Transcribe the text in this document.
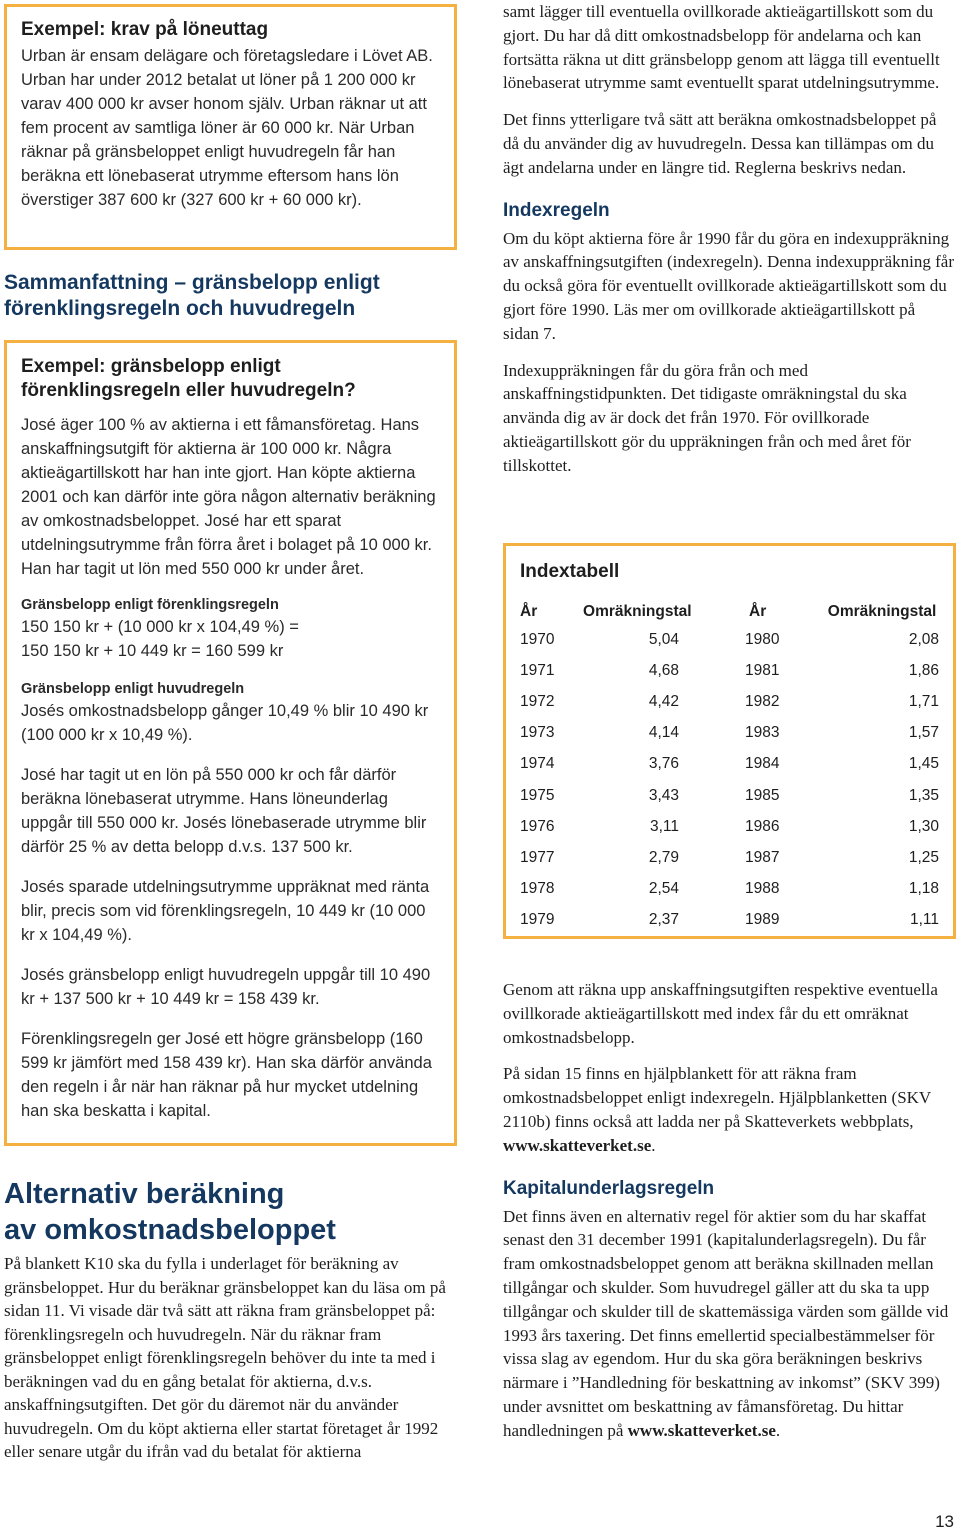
Exempel: krav på löneuttag

Urban är ensam delägare och företagsledare i Lövet AB. Urban har under 2012 betalat ut löner på 1 200 000 kr varav 400 000 kr avser honom själv. Urban räknar ut att fem procent av samtliga löner är 60 000 kr. När Urban räknar på gränsbeloppet enligt huvudregeln får han beräkna ett lönebaserat utrymme eftersom hans lön överstiger 387 600 kr (327 600 kr + 60 000 kr).

Sammanfattning – gränsbelopp enligt förenklingsregeln och huvudregeln
Exempel: gränsbelopp enligt förenklingsregeln eller huvudregeln?

José äger 100 % av aktierna i ett fåmansföretag. Hans anskaffningsutgift för aktierna är 100 000 kr. Några aktieägartillskott har han inte gjort. Han köpte aktierna 2001 och kan därför inte göra någon alternativ beräkning av omkostnadsbeloppet. José har ett sparat utdelningsutrymme från förra året i bolaget på 10 000 kr. Han har tagit ut lön med 550 000 kr under året.

Gränsbelopp enligt förenklingsregeln

150 150 kr + (10 000 kr x 104,49 %) =

150 150 kr + 10 449 kr = 160 599 kr

Gränsbelopp enligt huvudregeln

Josés omkostnadsbelopp gånger 10,49 % blir 10 490 kr (100 000 kr x 10,49 %).

José har tagit ut en lön på 550 000 kr och får därför beräkna lönebaserat utrymme. Hans löneunderlag uppgår till 550 000 kr. Josés lönebaserade utrymme blir därför 25 % av detta belopp d.v.s. 137 500 kr.

Josés sparade utdelningsutrymme uppräknat med ränta blir, precis som vid förenklingsregeln, 10 449 kr (10 000 kr x 104,49 %).

Josés gränsbelopp enligt huvudregeln uppgår till 10 490 kr + 137 500 kr + 10 449 kr = 158 439 kr.

Förenklingsregeln ger José ett högre gränsbelopp (160 599 kr jämfört med 158 439 kr). Han ska därför använda den regeln i år när han räknar på hur mycket utdelning han ska beskatta i kapital.

Alternativ beräkning
av omkostnadsbeloppet

På blankett K10 ska du fylla i underlaget för beräkning av gränsbeloppet. Hur du beräknar gränsbeloppet kan du läsa om på sidan 11. Vi visade där två sätt att räkna fram gränsbeloppet på: förenklingsregeln och huvudregeln. När du räknar fram gränsbeloppet enligt förenklingsregeln behöver du inte ta med i beräkningen vad du en gång betalat för aktierna, d.v.s. anskaffningsutgiften. Det gör du däremot när du använder huvudregeln. Om du köpt aktierna eller startat företaget år 1992 eller senare utgår du ifrån vad du betalat för aktierna

samt lägger till eventuella ovillkorade aktieägartillskott som du gjort. Du har då ditt omkostnadsbelopp för andelarna och kan fortsätta räkna ut ditt gränsbelopp genom att lägga till eventuellt lönebaserat utrymme samt eventuellt sparat utdelningsutrymme.

Det finns ytterligare två sätt att beräkna omkostnadsbeloppet på då du använder dig av huvudregeln. Dessa kan tillämpas om du ägt andelarna under en längre tid. Reglerna beskrivs nedan.

Indexregeln

Om du köpt aktierna före år 1990 får du göra en indexuppräkning av anskaffningsutgiften (indexregeln). Denna indexuppräkning får du också göra för eventuellt ovillkorade aktieägartillskott som du gjort före 1990. Läs mer om ovillkorade aktieägartillskott på sidan 7.

Indexuppräkningen får du göra från och med anskaffningstidpunkten. Det tidigaste omräkningstal du ska använda dig av är dock det från 1970. För ovillkorade aktieägartillskott gör du uppräkningen från och med året för tillskottet.

Indextabell
År	Omräkningstal	År	Omräkningstal
1970	5,04	1980	2,08
1971	4,68	1981	1,86
1972	4,42	1982	1,71
1973	4,14	1983	1,57
1974	3,76	1984	1,45
1975	3,43	1985	1,35
1976	3,11	1986	1,30
1977	2,79	1987	1,25
1978	2,54	1988	1,18
1979	2,37	1989	1,11

Genom att räkna upp anskaffningsutgiften respektive eventuella ovillkorade aktieägartillskott med index får du ett omräknat omkostnadsbelopp.

På sidan 15 finns en hjälpblankett för att räkna fram omkostnadsbeloppet enligt indexregeln. Hjälpblanketten (SKV 2110b) finns också att ladda ner på Skatteverkets webbplats, www.skatteverket.se.

Kapitalunderlagsregeln

Det finns även en alternativ regel för aktier som du har skaffat senast den 31 december 1991 (kapitalunderlagsregeln). Du får fram omkostnadsbeloppet genom att beräkna skillnaden mellan tillgångar och skulder. Som huvudregel gäller att du ska ta upp tillgångar och skulder till de skattemässiga värden som gällde vid 1993 års taxering. Det finns emellertid specialbestämmelser för vissa slag av egendom. Hur du ska göra beräkningen beskrivs närmare i ”Handledning för beskattning av inkomst” (SKV 399) under avsnittet om beskattning av fåmansföretag. Du hittar handledningen på www.skatteverket.se.

13
